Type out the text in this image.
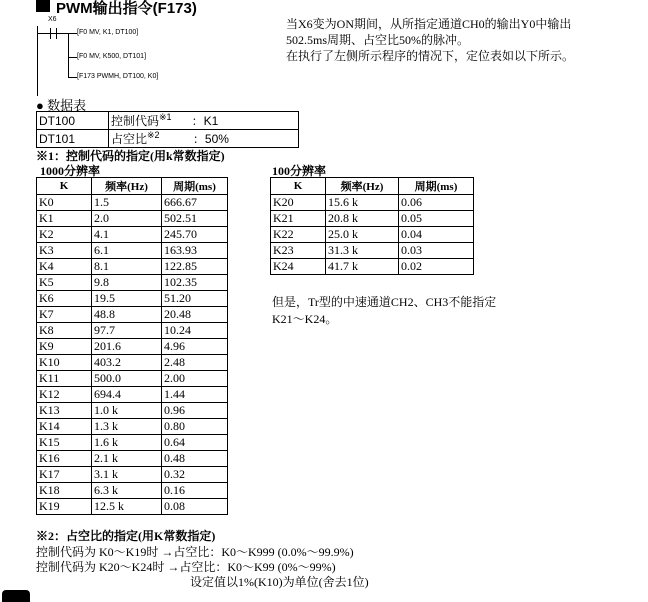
PWM输出指令(F173)
X6
[F0 MV, K1, DT100]
[F0 MV, K500, DT101]
[F173 PWMH, DT100, K0]
当X6变为ON期间，从所指定通道CH0的输出Y0中输出
502.5ms周期、占空比50%的脉冲。
在执行了左侧所示程序的情况下，定位表如以下所示。
● 数据表
DT100	控制代码$^{※1}$ ：K1
DT101	占空比$^{※2}$ ：50%
※1：控制代码的指定(用k常数指定)
1000分辨率	100分辨率
K	频率(Hz)	周期(ms)
K0	1.5	666.67
K1	2.0	502.51
K2	4.1	245.70
K3	6.1	163.93
K4	8.1	122.85
K5	9.8	102.35
K6	19.5	51.20
K7	48.8	20.48
K8	97.7	10.24
K9	201.6	4.96
K10	403.2	2.48
K11	500.0	2.00
K12	694.4	1.44
K13	1.0 k	0.96
K14	1.3 k	0.80
K15	1.6 k	0.64
K16	2.1 k	0.48
K17	3.1 k	0.32
K18	6.3 k	0.16
K19	12.5 k	0.08
K	频率(Hz)	周期(ms)
K20	15.6 k	0.06
K21	20.8 k	0.05
K22	25.0 k	0.04
K23	31.3 k	0.03
K24	41.7 k	0.02
但是，Tr型的中速通道CH2、CH3不能指定
K21～K24。
※2：占空比的指定(用K常数指定)
控制代码为 K0～K19时 →占空比：K0～K999 (0.0%～99.9%)
控制代码为 K20～K24时 →占空比：K0～K99 (0%～99%)
设定值以1%(K10)为单位(舍去1位)
